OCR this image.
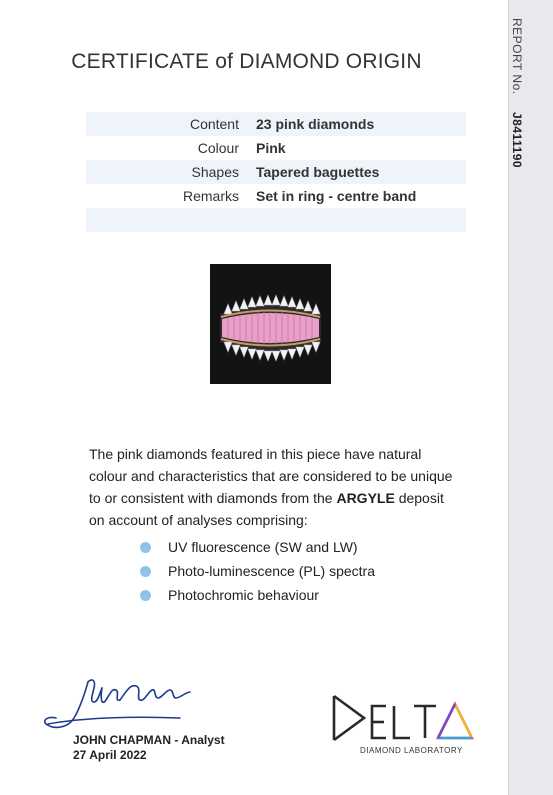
REPORT No. J8411190
CERTIFICATE of DIAMOND ORIGIN
Content 23 pink diamonds
Colour Pink
Shapes Tapered baguettes
Remarks Set in ring - centre band
The pink diamonds featured in this piece have natural colour and characteristics that are considered to be unique to or consistent with diamonds from the ARGYLE deposit on account of analyses comprising:
UV fluorescence (SW and LW)
Photo-luminescence (PL) spectra
Photochromic behaviour
JOHN CHAPMAN - Analyst
27 April 2022	DIAMOND LABORATORY
